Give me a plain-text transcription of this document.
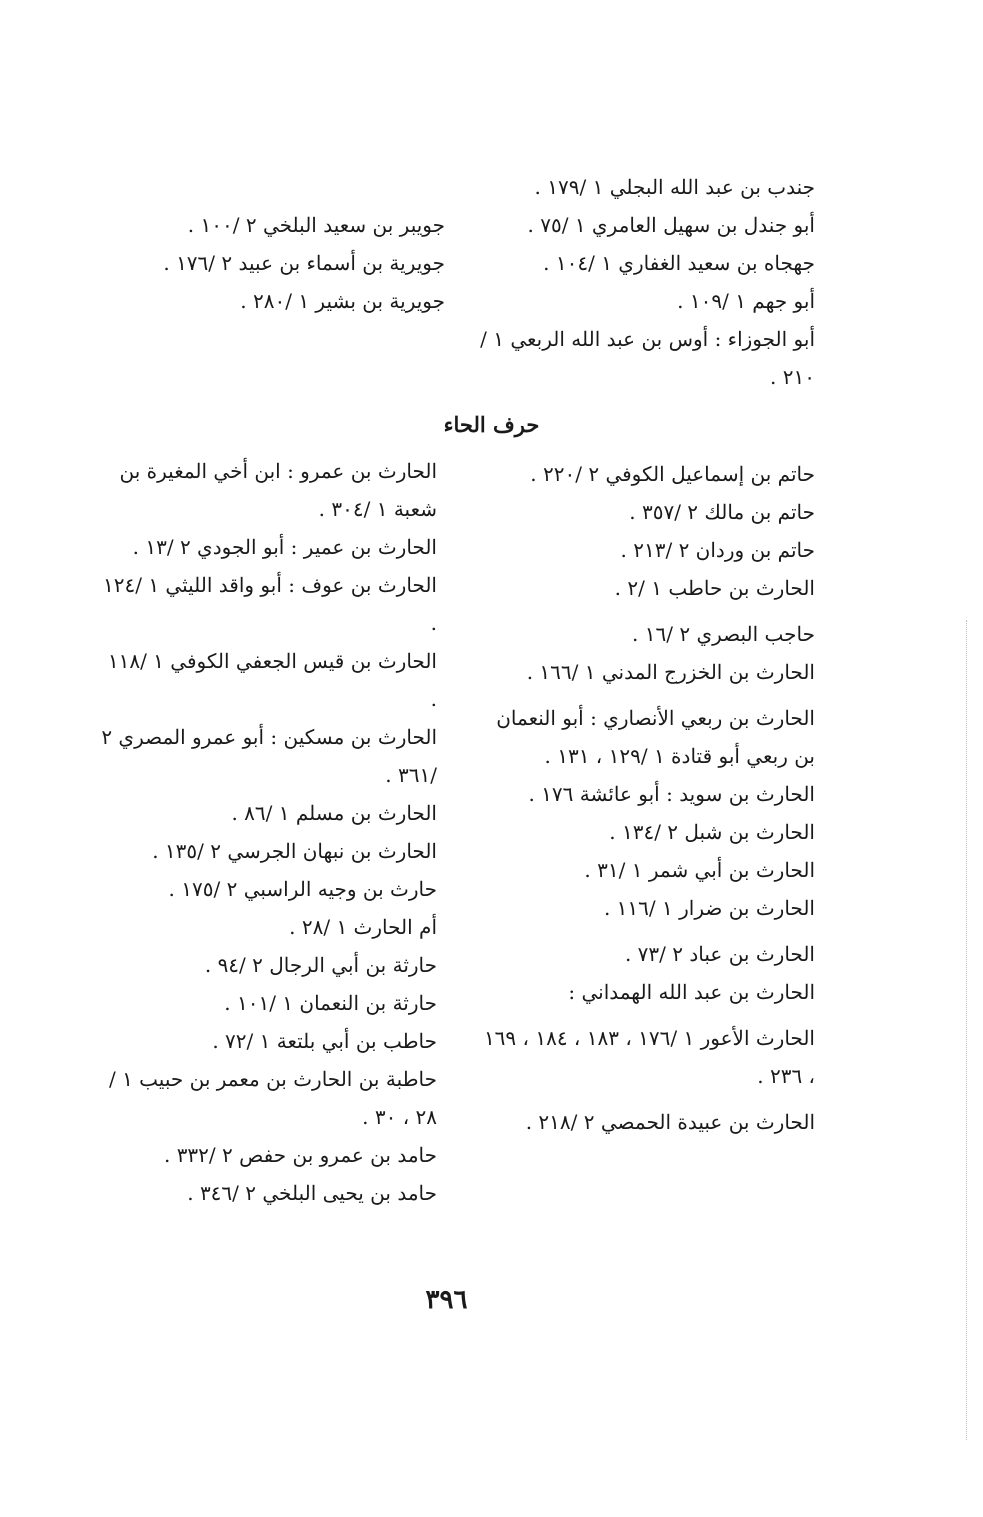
جندب بن عبد الله البجلي ١ /١٧٩ .

أبو جندل بن سهيل العامري ١ /٧٥ .

جهجاه بن سعيد الغفاري ١ /١٠٤ .

أبو جهم ١ /١٠٩ .

أبو الجوزاء : أوس بن عبد الله الربعي ١ /٢١٠ .

جويبر بن سعيد البلخي ٢ /١٠٠ .

جويرية بن أسماء بن عبيد ٢ /١٧٦ .

جويرية بن بشير ١ /٢٨٠ .

حرف الحاء

حاتم بن إسماعيل الكوفي ٢ /٢٢٠ .

حاتم بن مالك ٢ /٣٥٧ .

حاتم بن وردان ٢ /٢١٣ .

الحارث بن حاطب ١ /٢ .

حاجب البصري ٢ /١٦ .

الحارث بن الخزرج المدني ١ /١٦٦ .

الحارث بن ربعي الأنصاري : أبو النعمان بن ربعي أبو قتادة ١ /١٢٩ ، ١٣١ .

الحارث بن سويد : أبو عائشة ١٧٦ .

الحارث بن شبل ٢ /١٣٤ .

الحارث بن أبي شمر ١ /٣١ .

الحارث بن ضرار ١ /١١٦ .

الحارث بن عباد ٢ /٧٣ .

الحارث بن عبد الله الهمداني :

الحارث الأعور ١ /١٧٦ ، ١٨٣ ، ١٨٤ ، ١٦٩ ، ٢٣٦ .

الحارث بن عبيدة الحمصي ٢ /٢١٨ .

الحارث بن عمرو : ابن أخي المغيرة بن شعبة ١ /٣٠٤ .

الحارث بن عمير : أبو الجودي ٢ /١٣ .

الحارث بن عوف : أبو واقد الليثي ١ /١٢٤ .

الحارث بن قيس الجعفي الكوفي ١ /١١٨ .

الحارث بن مسكين : أبو عمرو المصري ٢ /٣٦١ .

الحارث بن مسلم ١ /٨٦ .

الحارث بن نبهان الجرسي ٢ /١٣٥ .

حارث بن وجيه الراسبي ٢ /١٧٥ .

أم الحارث ١ /٢٨ .

حارثة بن أبي الرجال ٢ /٩٤ .

حارثة بن النعمان ١ /١٠١ .

حاطب بن أبي بلتعة ١ /٧٢ .

حاطبة بن الحارث بن معمر بن حبيب ١ /٢٨ ، ٣٠ .

حامد بن عمرو بن حفص ٢ /٣٣٢ .

حامد بن يحيى البلخي ٢ /٣٤٦ .

٣٩٦
